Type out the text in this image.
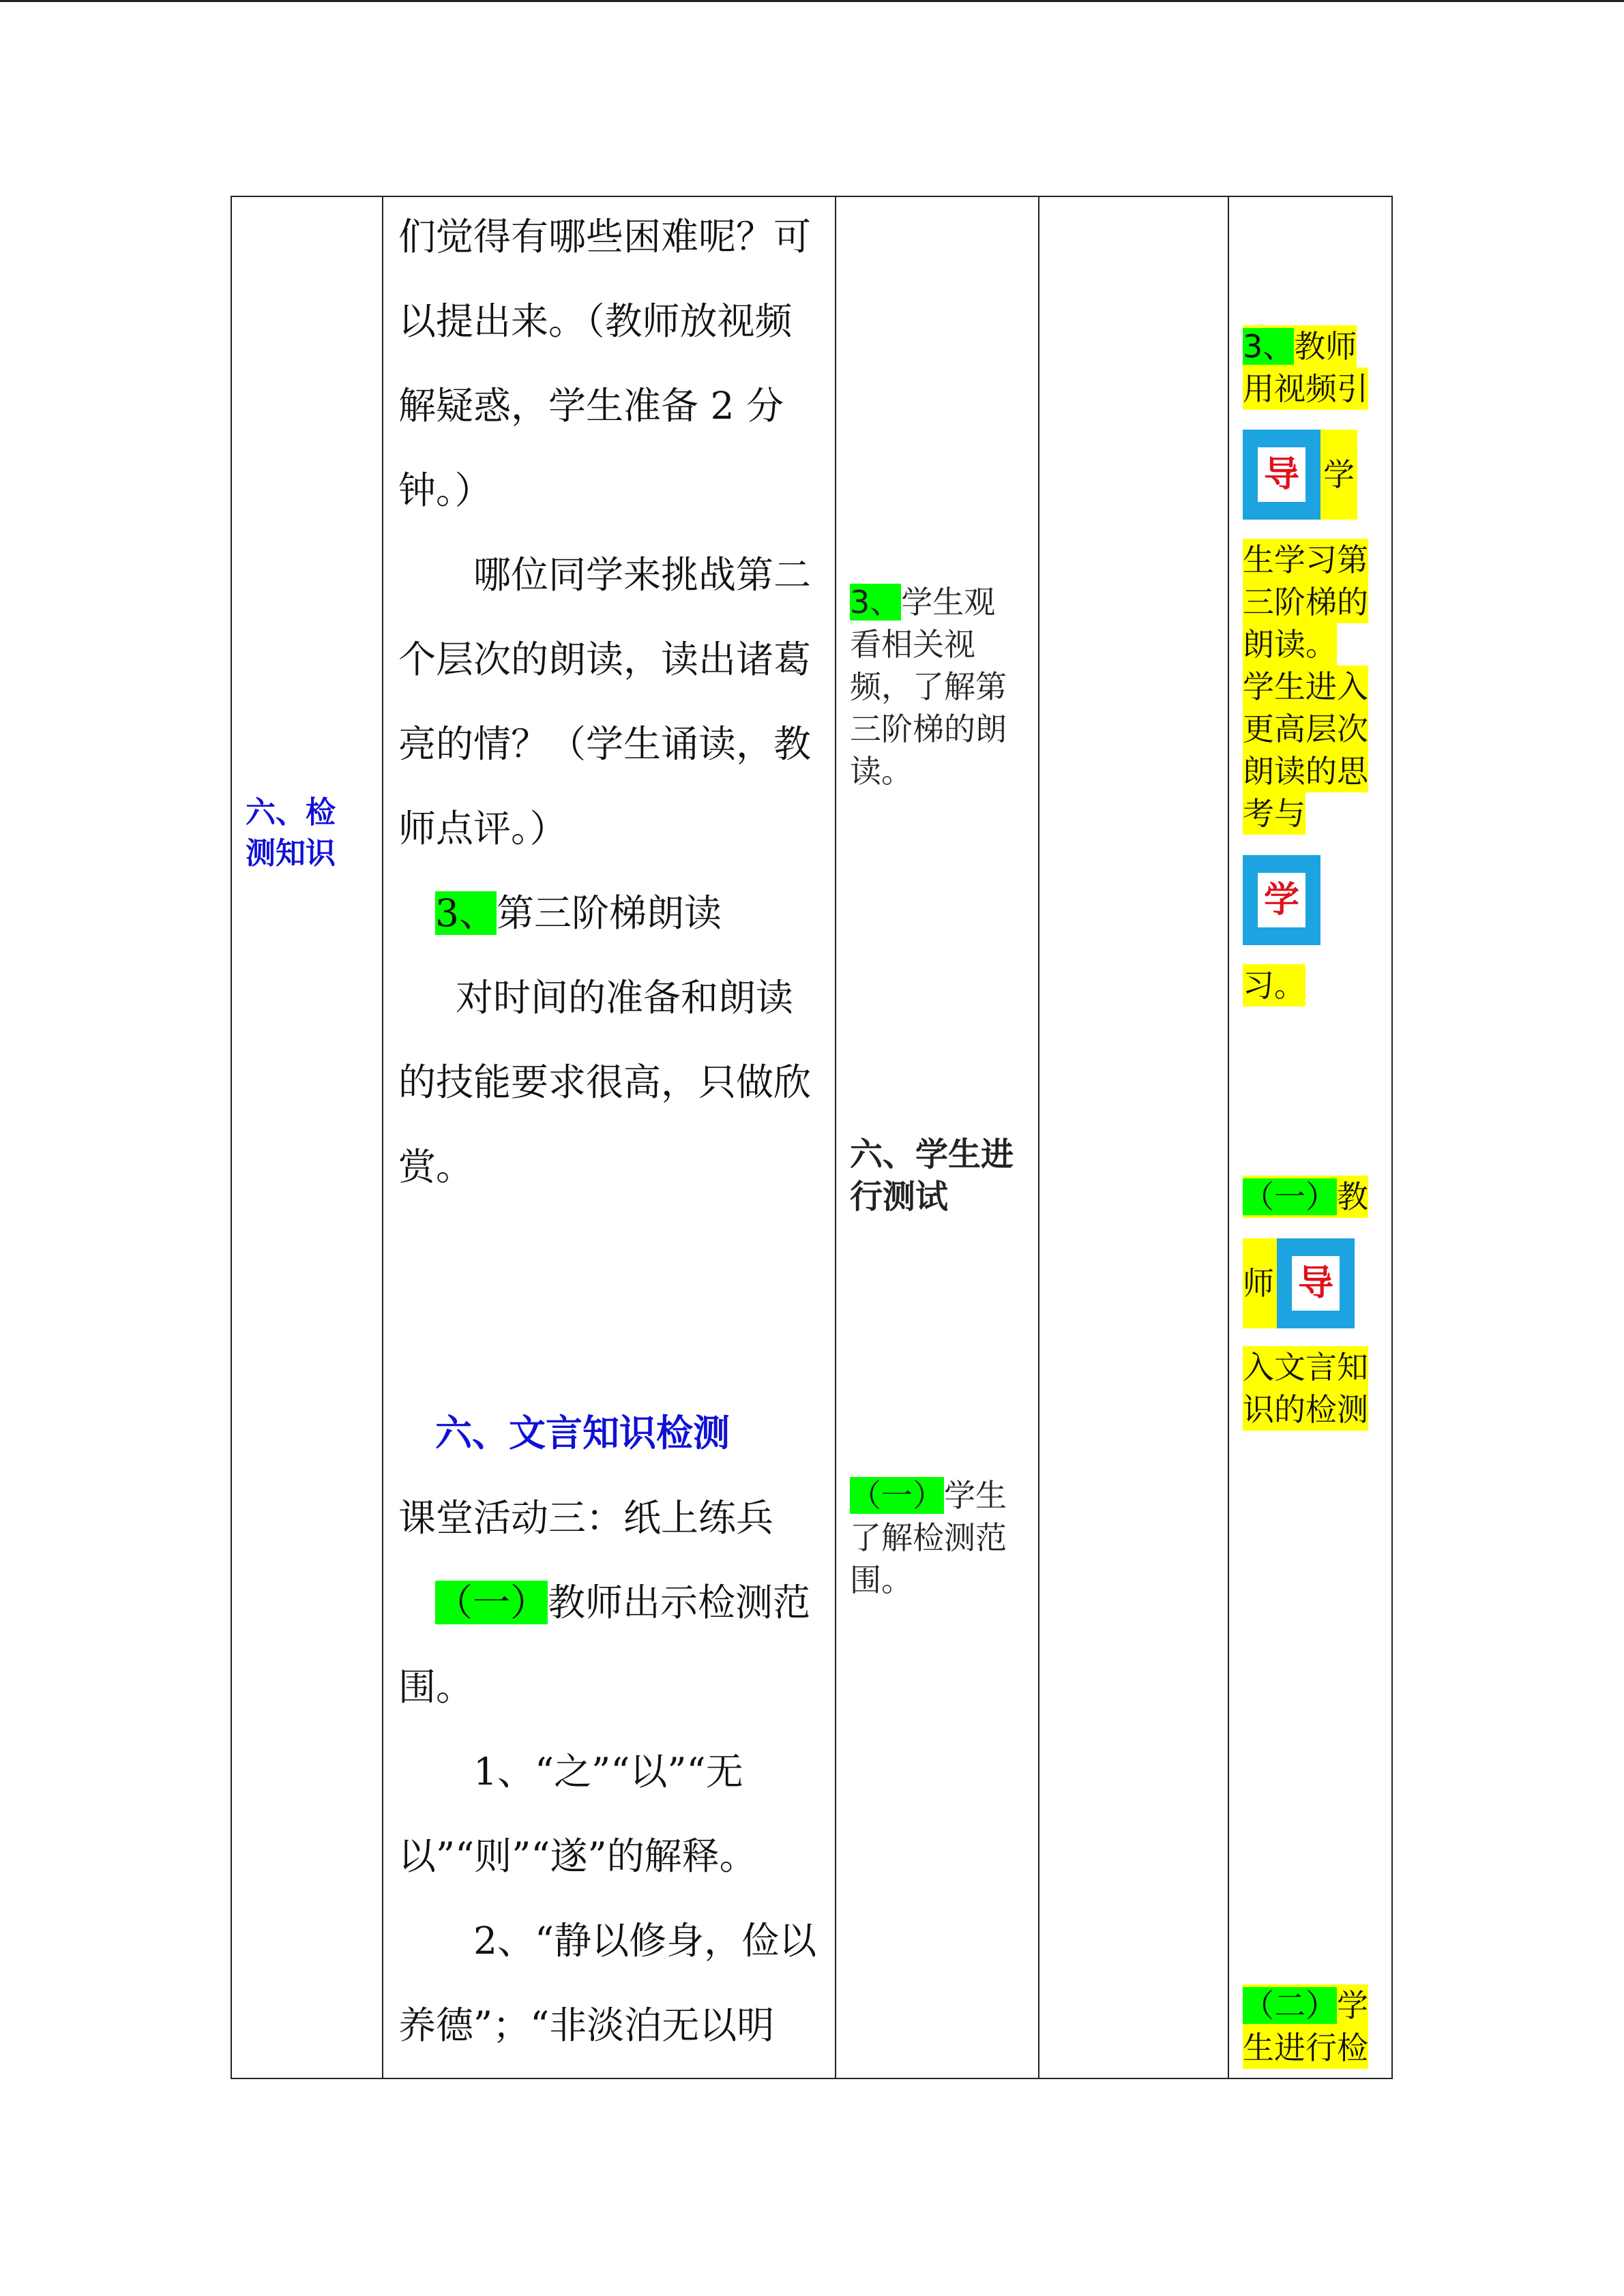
六、检测知识

们觉得有哪些困难呢？可

以提出来。（教师放视频

解疑惑，学生准备 2 分

钟。）

哪位同学来挑战第二

个层次的朗读，读出诸葛

亮的情？（学生诵读，教

师点评。）

3、第三阶梯朗读

对时间的准备和朗读

的技能要求很高，只做欣

赏。

六、文言知识检测

课堂活动三：纸上练兵

（一）教师出示检测范

围。

1、“之”“以”“无

以”“则”“遂”的解释。

2、“静以修身，俭以

养德”；“非淡泊无以明

3、学生观
看相关视
频，了解第
三阶梯的朗
读。
六、学生进
行测试
（一）学生
了解检测范
围。
3、教师
用视频引
导 学
生学习第
三阶梯的
朗读。
学生进入
更高层次
朗读的思
考与
学
习。
（一）教
师 导
入文言知
识的检测
（二）学
生进行检
